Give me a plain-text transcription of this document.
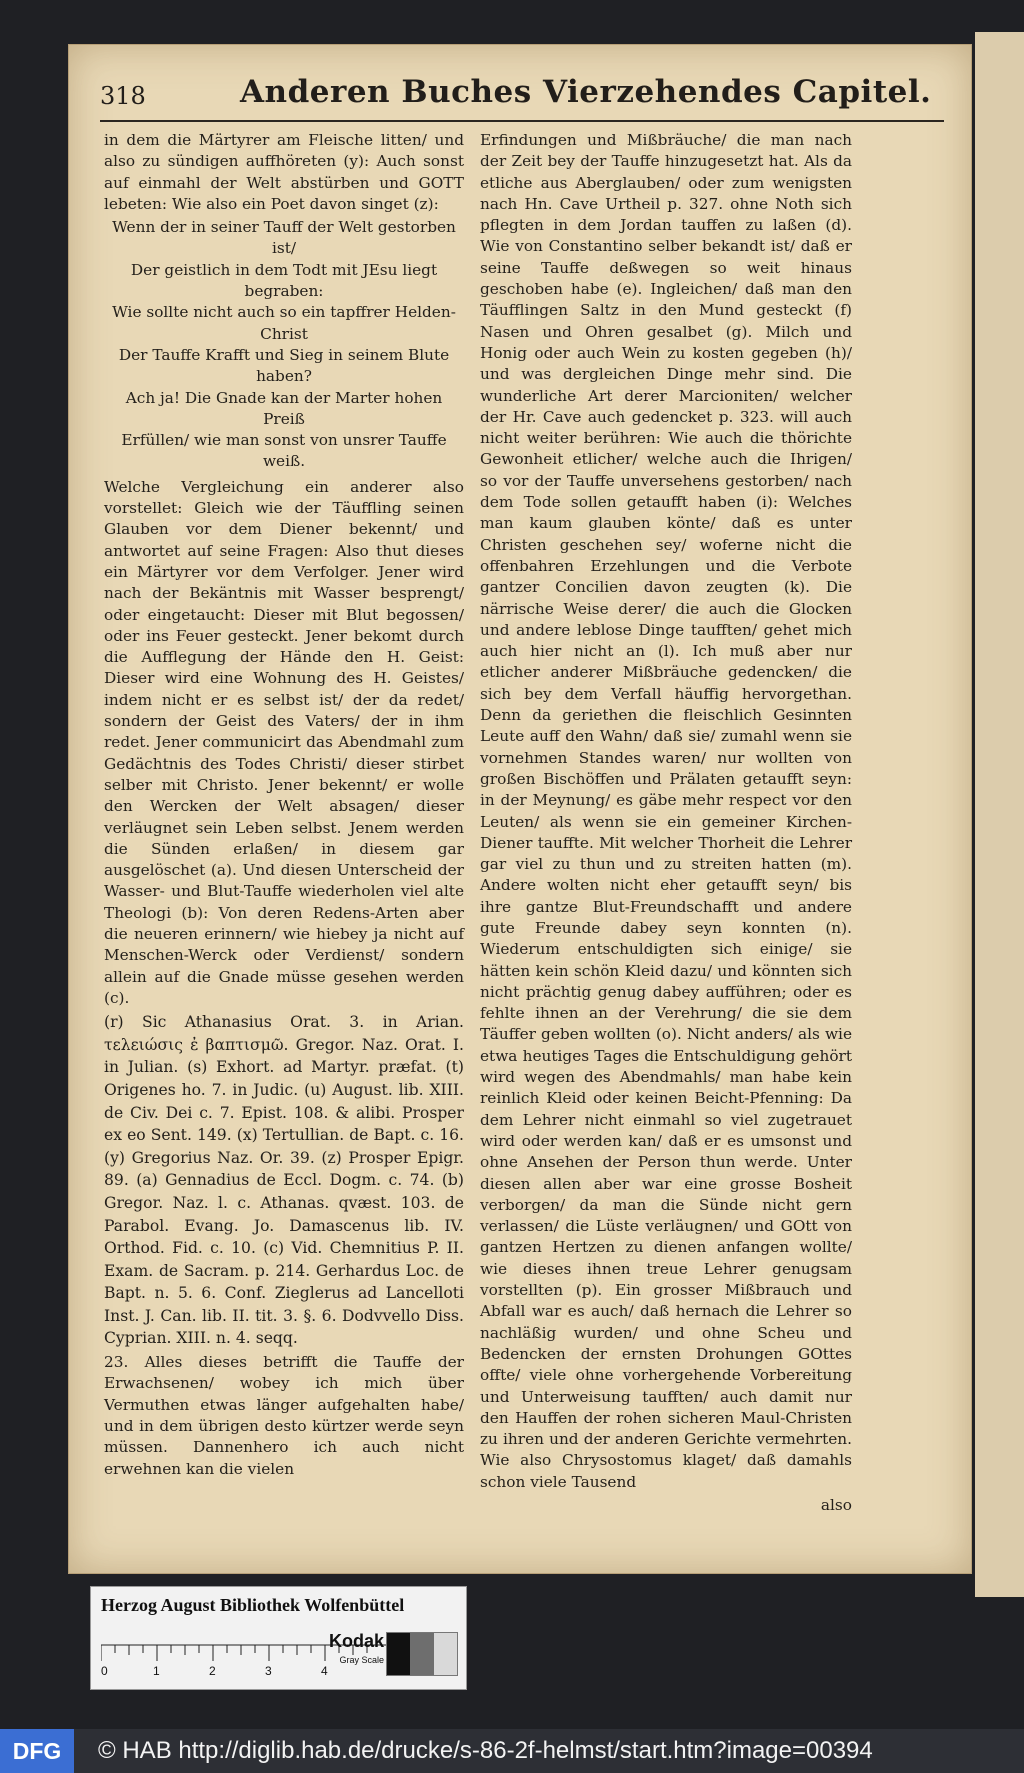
318	Anderen Buches Vierzehendes Capitel.

in dem die Märtyrer am Fleische litten/ und also zu sündigen auffhöreten (y): Auch sonst auf einmahl der Welt abstürben und GOTT lebeten: Wie also ein Poet davon singet (z):

Wenn der in seiner Tauff der Welt gestorben ist/
Der geistlich in dem Todt mit JEsu liegt begraben:
Wie sollte nicht auch so ein tapffrer Helden-Christ
Der Tauffe Krafft und Sieg in seinem Blute haben?
Ach ja! Die Gnade kan der Marter hohen Preiß
Erfüllen/ wie man sonst von unsrer Tauffe weiß.

Welche Vergleichung ein anderer also vorstellet: Gleich wie der Täuffling seinen Glauben vor dem Diener bekennt/ und antwortet auf seine Fragen: Also thut dieses ein Märtyrer vor dem Verfolger. Jener wird nach der Bekäntnis mit Wasser besprengt/ oder eingetaucht: Dieser mit Blut begossen/ oder ins Feuer gesteckt. Jener bekomt durch die Aufflegung der Hände den H. Geist: Dieser wird eine Wohnung des H. Geistes/ indem nicht er es selbst ist/ der da redet/ sondern der Geist des Vaters/ der in ihm redet. Jener communicirt das Abendmahl zum Gedächtnis des Todes Christi/ dieser stirbet selber mit Christo. Jener bekennt/ er wolle den Wercken der Welt absagen/ dieser verläugnet sein Leben selbst. Jenem werden die Sünden erlaßen/ in diesem gar ausgelöschet (a). Und diesen Unterscheid der Wasser- und Blut-Tauffe wiederholen viel alte Theologi (b): Von deren Redens-Arten aber die neueren erinnern/ wie hiebey ja nicht auf Menschen-Werck oder Verdienst/ sondern allein auf die Gnade müsse gesehen werden (c).

(r) Sic Athanasius Orat. 3. in Arian. τελειώσις ἐ βαπτισμῶ. Gregor. Naz. Orat. I. in Julian. (s) Exhort. ad Martyr. præfat. (t) Origenes ho. 7. in Judic. (u) August. lib. XIII. de Civ. Dei c. 7. Epist. 108. & alibi. Prosper ex eo Sent. 149. (x) Tertullian. de Bapt. c. 16. (y) Gregorius Naz. Or. 39. (z) Prosper Epigr. 89. (a) Gennadius de Eccl. Dogm. c. 74. (b) Gregor. Naz. l. c. Athanas. qvæst. 103. de Parabol. Evang. Jo. Damascenus lib. IV. Orthod. Fid. c. 10. (c) Vid. Chemnitius P. II. Exam. de Sacram. p. 214. Gerhardus Loc. de Bapt. n. 5. 6. Conf. Zieglerus ad Lancelloti Inst. J. Can. lib. II. tit. 3. §. 6. Dodvvello Diss. Cyprian. XIII. n. 4. seqq.

23. Alles dieses betrifft die Tauffe der Erwachsenen/ wobey ich mich über Vermuthen etwas länger aufgehalten habe/ und in dem übrigen desto kürtzer werde seyn müssen. Dannenhero ich auch nicht erwehnen kan die vielen

Erfindungen und Mißbräuche/ die man nach der Zeit bey der Tauffe hinzugesetzt hat. Als da etliche aus Aberglauben/ oder zum wenigsten nach Hn. Cave Urtheil p. 327. ohne Noth sich pflegten in dem Jordan tauffen zu laßen (d). Wie von Constantino selber bekandt ist/ daß er seine Tauffe deßwegen so weit hinaus geschoben habe (e). Ingleichen/ daß man den Täufflingen Saltz in den Mund gesteckt (f) Nasen und Ohren gesalbet (g). Milch und Honig oder auch Wein zu kosten gegeben (h)/ und was dergleichen Dinge mehr sind. Die wunderliche Art derer Marcioniten/ welcher der Hr. Cave auch gedencket p. 323. will auch nicht weiter berühren: Wie auch die thörichte Gewonheit etlicher/ welche auch die Ihrigen/ so vor der Tauffe unversehens gestorben/ nach dem Tode sollen getaufft haben (i): Welches man kaum glauben könte/ daß es unter Christen geschehen sey/ woferne nicht die offenbahren Erzehlungen und die Verbote gantzer Concilien davon zeugten (k). Die närrische Weise derer/ die auch die Glocken und andere leblose Dinge taufften/ gehet mich auch hier nicht an (l). Ich muß aber nur etlicher anderer Mißbräuche gedencken/ die sich bey dem Verfall häuffig hervorgethan. Denn da geriethen die fleischlich Gesinnten Leute auff den Wahn/ daß sie/ zumahl wenn sie vornehmen Standes waren/ nur wollten von großen Bischöffen und Prälaten getaufft seyn: in der Meynung/ es gäbe mehr respect vor den Leuten/ als wenn sie ein gemeiner Kirchen-Diener tauffte. Mit welcher Thorheit die Lehrer gar viel zu thun und zu streiten hatten (m). Andere wolten nicht eher getaufft seyn/ bis ihre gantze Blut-Freundschafft und andere gute Freunde dabey seyn konnten (n). Wiederum entschuldigten sich einige/ sie hätten kein schön Kleid dazu/ und könnten sich nicht prächtig genug dabey aufführen; oder es fehlte ihnen an der Verehrung/ die sie dem Täuffer geben wollten (o). Nicht anders/ als wie etwa heutiges Tages die Entschuldigung gehört wird wegen des Abendmahls/ man habe kein reinlich Kleid oder keinen Beicht-Pfenning: Da dem Lehrer nicht einmahl so viel zugetrauet wird oder werden kan/ daß er es umsonst und ohne Ansehen der Person thun werde. Unter diesen allen aber war eine grosse Bosheit verborgen/ da man die Sünde nicht gern verlassen/ die Lüste verläugnen/ und GOtt von gantzen Hertzen zu dienen anfangen wollte/ wie dieses ihnen treue Lehrer genugsam vorstellten (p). Ein grosser Mißbrauch und Abfall war es auch/ daß hernach die Lehrer so nachläßig wurden/ und ohne Scheu und Bedencken der ernsten Drohungen GOttes offte/ viele ohne vorhergehende Vorbereitung und Unterweisung taufften/ auch damit nur den Hauffen der rohen sicheren Maul-Christen zu ihren und der anderen Gerichte vermehrten. Wie also Chrysostomus klaget/ daß damahls schon viele Tausend

also
Herzog August Bibliothek Wolfenbüttel
0	1	2	3	4
Kodak
Gray Scale
DFG	© HAB http://diglib.hab.de/drucke/s-86-2f-helmst/start.htm?image=00394
